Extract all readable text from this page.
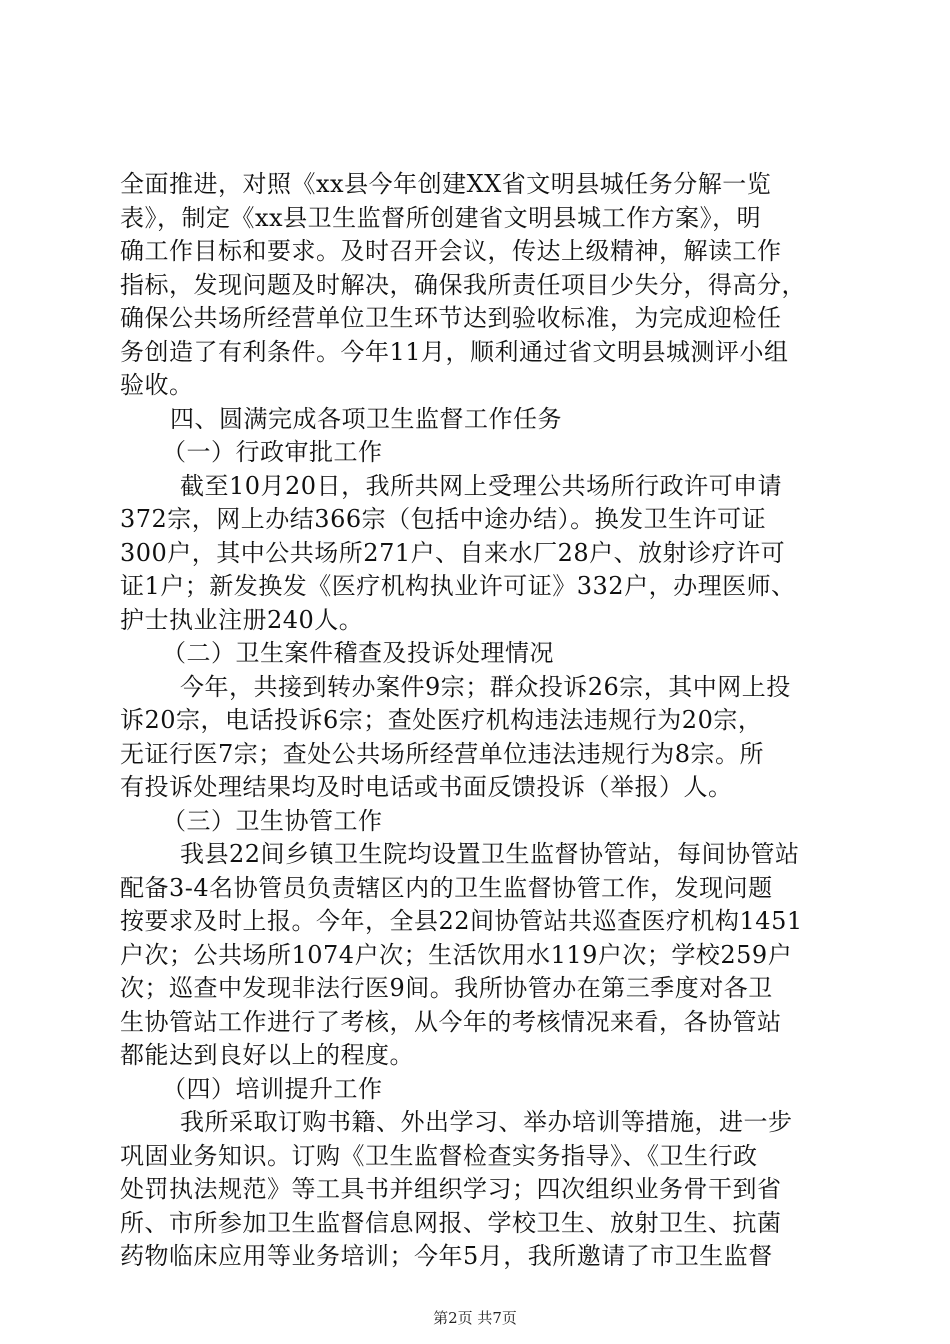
全面推进，对照《xx县今年创建XX省文明县城任务分解一览
表》，制定《xx县卫生监督所创建省文明县城工作方案》，明
确工作目标和要求。及时召开会议，传达上级精神，解读工作
指标，发现问题及时解决，确保我所责任项目少失分，得高分，
确保公共场所经营单位卫生环节达到验收标准，为完成迎检任
务创造了有利条件。今年11月，顺利通过省文明县城测评小组
验收。
四、圆满完成各项卫生监督工作任务
（一）行政审批工作
截至10月20日，我所共网上受理公共场所行政许可申请
372宗，网上办结366宗（包括中途办结）。换发卫生许可证
300户，其中公共场所271户、自来水厂28户、放射诊疗许可
证1户；新发换发《医疗机构执业许可证》332户，办理医师、
护士执业注册240人。
（二）卫生案件稽查及投诉处理情况
今年，共接到转办案件9宗；群众投诉26宗，其中网上投
诉20宗，电话投诉6宗；查处医疗机构违法违规行为20宗，
无证行医7宗；查处公共场所经营单位违法违规行为8宗。所
有投诉处理结果均及时电话或书面反馈投诉（举报）人。
（三）卫生协管工作
我县22间乡镇卫生院均设置卫生监督协管站，每间协管站
配备3-4名协管员负责辖区内的卫生监督协管工作，发现问题
按要求及时上报。今年，全县22间协管站共巡查医疗机构1451
户次；公共场所1074户次；生活饮用水119户次；学校259户
次；巡查中发现非法行医9间。我所协管办在第三季度对各卫
生协管站工作进行了考核，从今年的考核情况来看，各协管站
都能达到良好以上的程度。
（四）培训提升工作
我所采取订购书籍、外出学习、举办培训等措施，进一步
巩固业务知识。订购《卫生监督检查实务指导》、《卫生行政
处罚执法规范》等工具书并组织学习；四次组织业务骨干到省
所、市所参加卫生监督信息网报、学校卫生、放射卫生、抗菌
药物临床应用等业务培训；今年5月，我所邀请了市卫生监督
第2页 共7页
